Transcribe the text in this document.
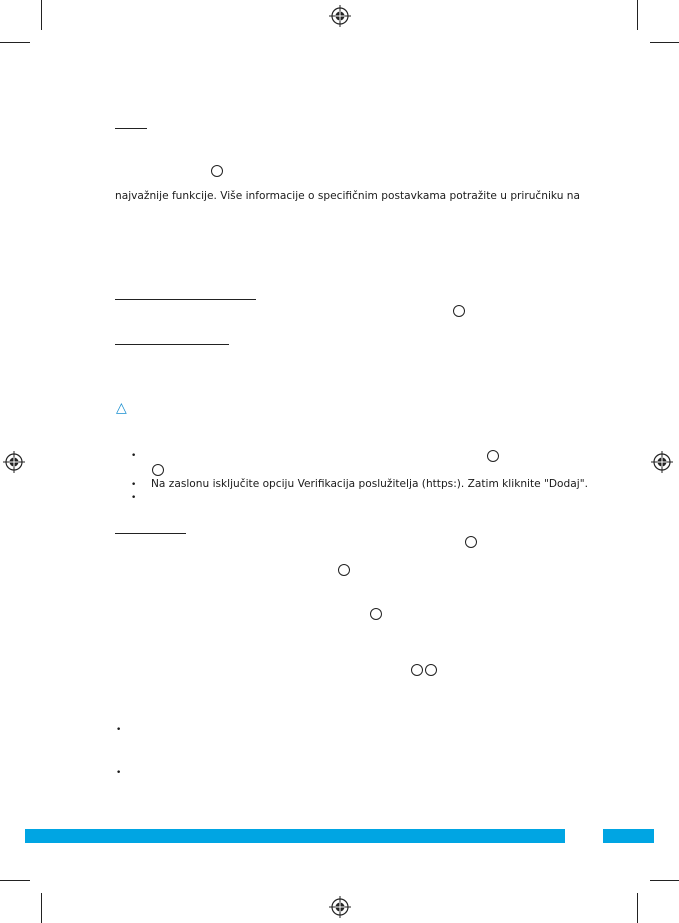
najvažnije funkcije. Više informacije o specifičnim postavkama potražite u priručniku na
△
•
• Na zaslonu isključite opciju Verifikacija poslužitelja (https:). Zatim kliknite "Dodaj".
•
•
•
